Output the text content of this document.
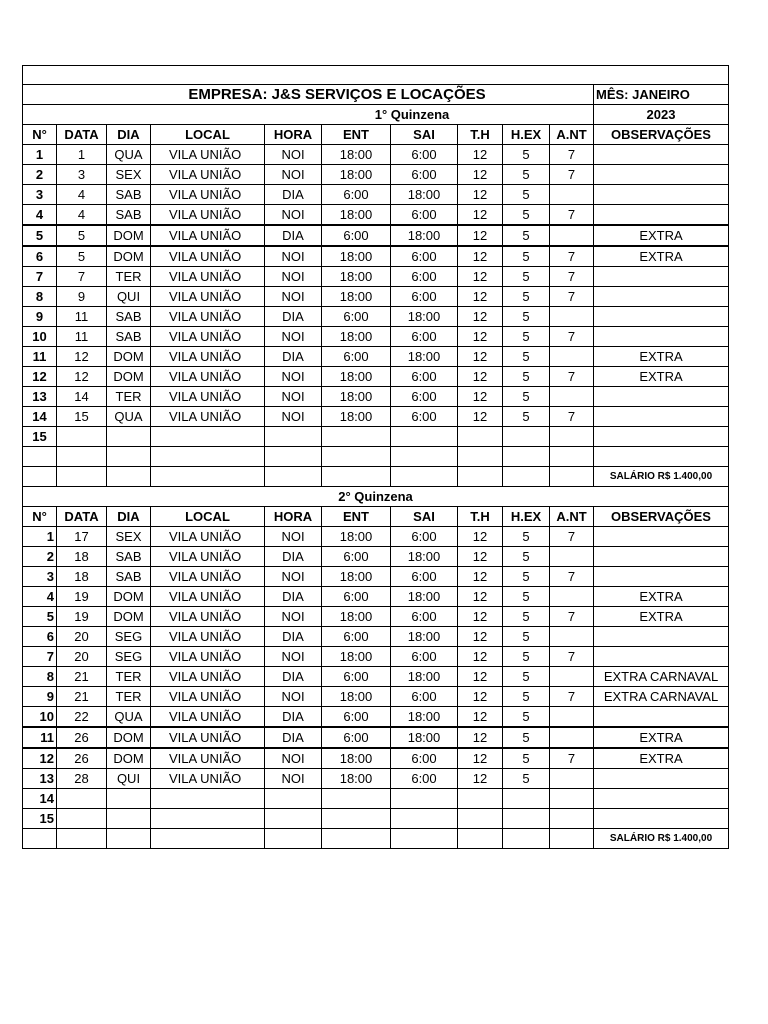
EMPRESA: J&S SERVIÇOS E LOCAÇÕES										MÊS: JANEIRO
					1° Quinzena					2023
N°	DATA	DIA	LOCAL	HORA	ENT	SAI	T.H	H.EX	A.NT	OBSERVAÇÕES
1	1	QUA	VILA UNIÃO	NOI	18:00	6:00	12	5	7	
2	3	SEX	VILA UNIÃO	NOI	18:00	6:00	12	5	7	
3	4	SAB	VILA UNIÃO	DIA	6:00	18:00	12	5		
4	4	SAB	VILA UNIÃO	NOI	18:00	6:00	12	5	7	
5	5	DOM	VILA UNIÃO	DIA	6:00	18:00	12	5		EXTRA
6	5	DOM	VILA UNIÃO	NOI	18:00	6:00	12	5	7	EXTRA
7	7	TER	VILA UNIÃO	NOI	18:00	6:00	12	5	7	
8	9	QUI	VILA UNIÃO	NOI	18:00	6:00	12	5	7	
9	11	SAB	VILA UNIÃO	DIA	6:00	18:00	12	5		
10	11	SAB	VILA UNIÃO	NOI	18:00	6:00	12	5	7	
11	12	DOM	VILA UNIÃO	DIA	6:00	18:00	12	5		EXTRA
12	12	DOM	VILA UNIÃO	NOI	18:00	6:00	12	5	7	EXTRA
13	14	TER	VILA UNIÃO	NOI	18:00	6:00	12	5		
14	15	QUA	VILA UNIÃO	NOI	18:00	6:00	12	5	7	
15										

										SALÁRIO R$ 1.400,00
2° Quinzena										
N°	DATA	DIA	LOCAL	HORA	ENT	SAI	T.H	H.EX	A.NT	OBSERVAÇÕES
1	17	SEX	VILA UNIÃO	NOI	18:00	6:00	12	5	7	
2	18	SAB	VILA UNIÃO	DIA	6:00	18:00	12	5		
3	18	SAB	VILA UNIÃO	NOI	18:00	6:00	12	5	7	
4	19	DOM	VILA UNIÃO	DIA	6:00	18:00	12	5		EXTRA
5	19	DOM	VILA UNIÃO	NOI	18:00	6:00	12	5	7	EXTRA
6	20	SEG	VILA UNIÃO	DIA	6:00	18:00	12	5		
7	20	SEG	VILA UNIÃO	NOI	18:00	6:00	12	5	7	
8	21	TER	VILA UNIÃO	DIA	6:00	18:00	12	5		EXTRA CARNAVAL
9	21	TER	VILA UNIÃO	NOI	18:00	6:00	12	5	7	EXTRA CARNAVAL
10	22	QUA	VILA UNIÃO	DIA	6:00	18:00	12	5		
11	26	DOM	VILA UNIÃO	DIA	6:00	18:00	12	5		EXTRA
12	26	DOM	VILA UNIÃO	NOI	18:00	6:00	12	5	7	EXTRA
13	28	QUI	VILA UNIÃO	NOI	18:00	6:00	12	5		
14										
15										
										SALÁRIO R$ 1.400,00
